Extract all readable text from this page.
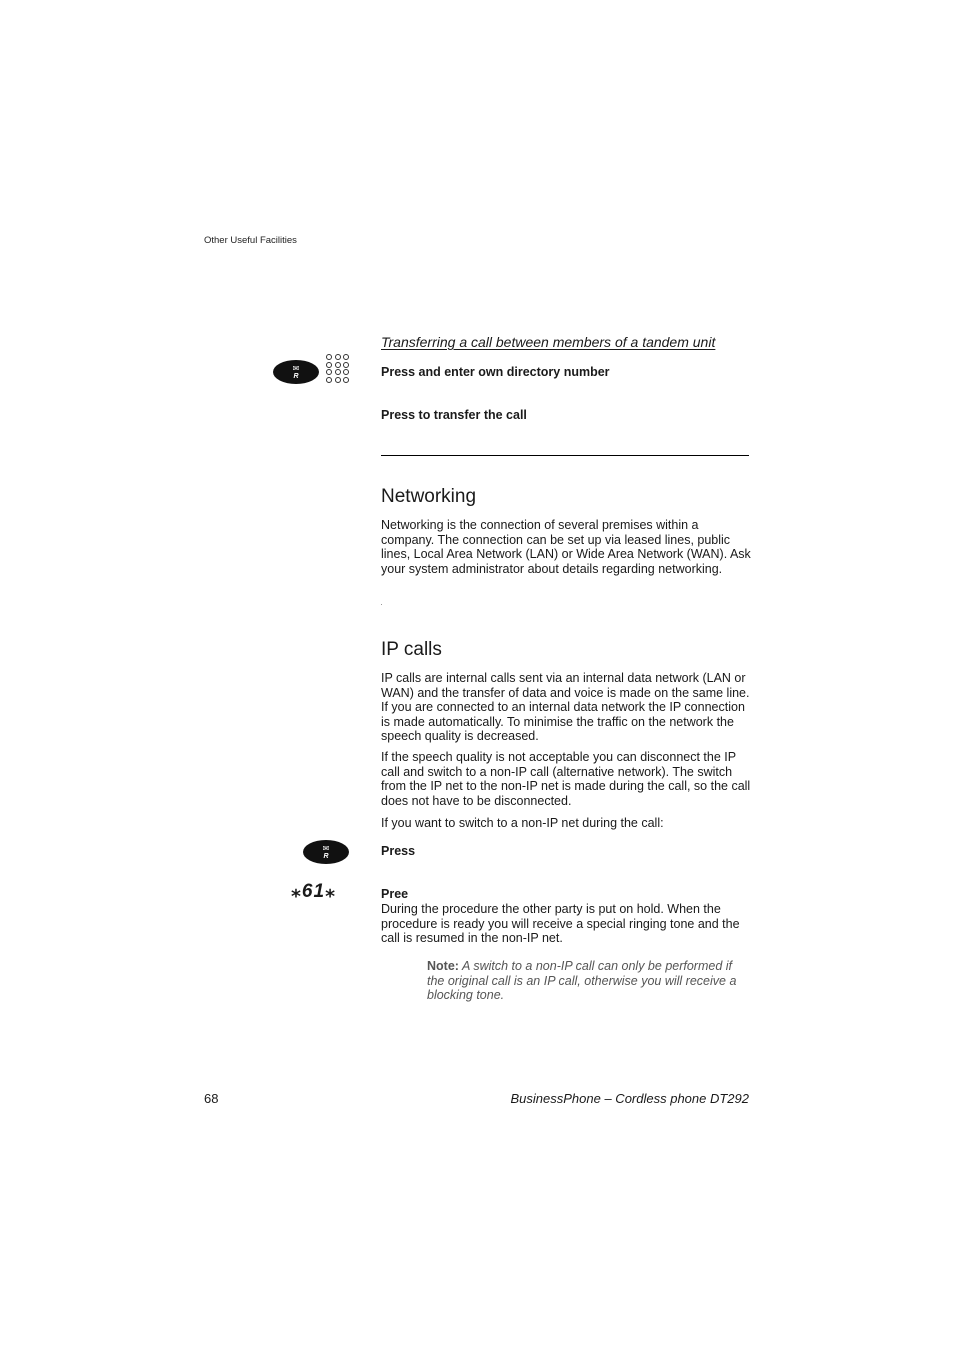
Other Useful Facilities
Transferring a call between members of a tandem unit
✉
R	Press and enter own directory number
Press to transfer the call
Networking
Networking is the connection of several premises within a company. The connection can be set up via leased lines, public lines, Local Area Network (LAN) or Wide Area Network (WAN). Ask your system administrator about details regarding networking.
IP calls
IP calls are internal calls sent via an internal data network (LAN or WAN) and the transfer of data and voice is made on the same line. If you are connected to an internal data network the IP connection is made automatically. To minimise the traffic on the network the speech quality is decreased.
If the speech quality is not acceptable you can disconnect the IP call and switch to a non-IP call (alternative network). The switch from the IP net to the non-IP net is made during the call, so the call does not have to be disconnected.
If you want to switch to a non-IP net during the call:
✉
R	Press
⁎61⁎	Pree
During the procedure the other party is put on hold. When the procedure is ready you will receive a special ringing tone and the call is resumed in the non-IP net.
Note: A switch to a non-IP call can only be performed if the original call is an IP call, otherwise you will receive a blocking tone.
68	BusinessPhone – Cordless phone DT292
